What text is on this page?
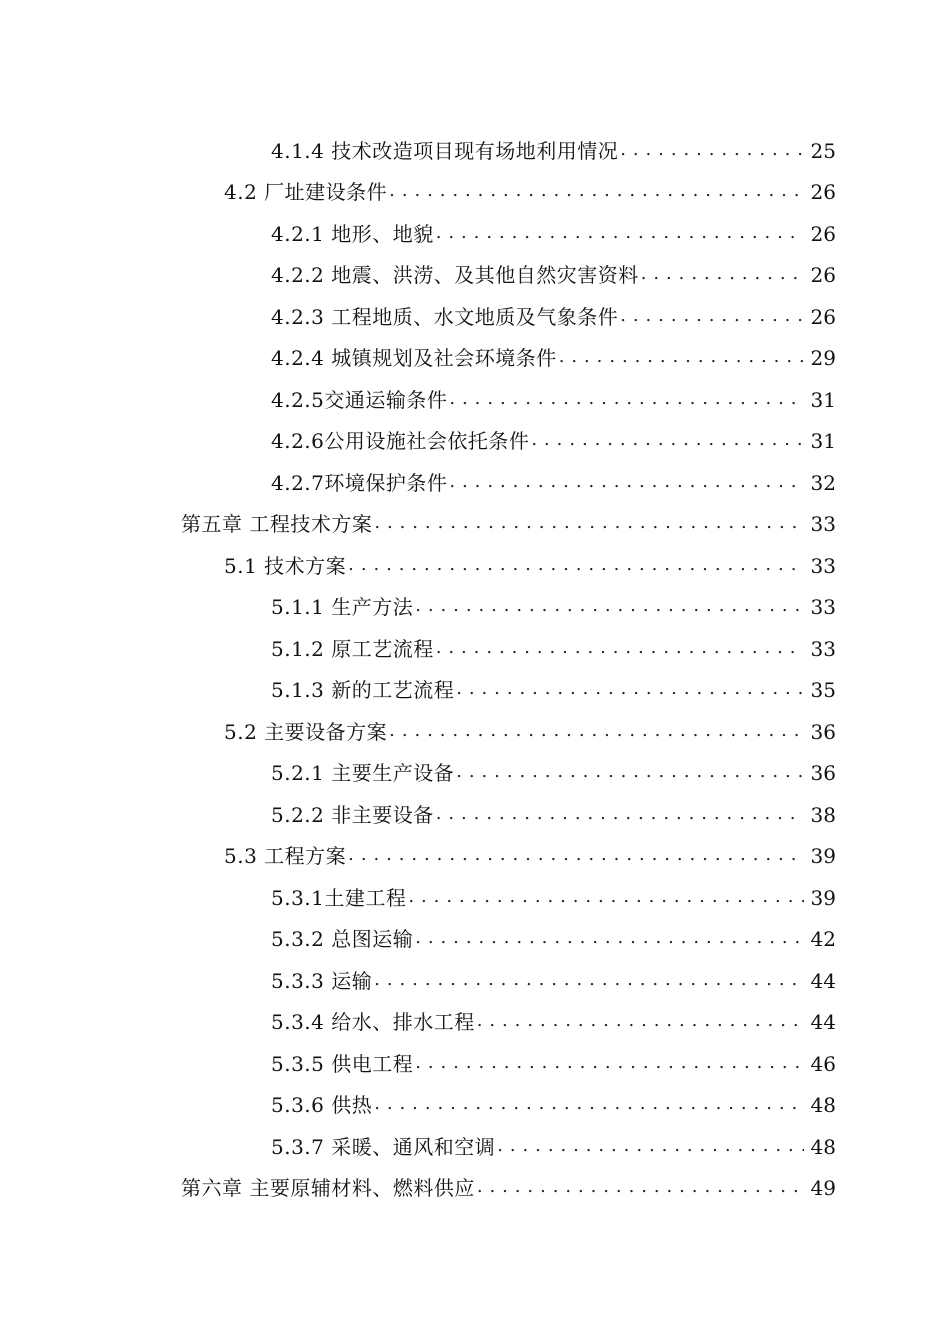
4.1.4 技术改造项目现有场地利用情况 . . .	25
4.2 厂址建设条件 . . .	26
4.2.1 地形、地貌 . . .	26
4.2.2 地震、洪涝、及其他自然灾害资料 . . .	26
4.2.3 工程地质、水文地质及气象条件 . . .	26
4.2.4 城镇规划及社会环境条件 . . .	29
4.2.5交通运输条件 . . .	31
4.2.6公用设施社会依托条件 . . .	31
4.2.7环境保护条件 . . .	32
第五章 工程技术方案 . . .	33
5.1 技术方案 . . .	33
5.1.1 生产方法 . . .	33
5.1.2 原工艺流程 . . .	33
5.1.3 新的工艺流程 . . .	35
5.2 主要设备方案 . . .	36
5.2.1 主要生产设备 . . .	36
5.2.2 非主要设备 . . .	38
5.3 工程方案 . . .	39
5.3.1土建工程 . . .	39
5.3.2 总图运输 . . .	42
5.3.3 运输 . . .	44
5.3.4 给水、排水工程 . . .	44
5.3.5 供电工程 . . .	46
5.3.6 供热 . . .	48
5.3.7 采暖、通风和空调 . . .	48
第六章 主要原辅材料、燃料供应 . . .	49
